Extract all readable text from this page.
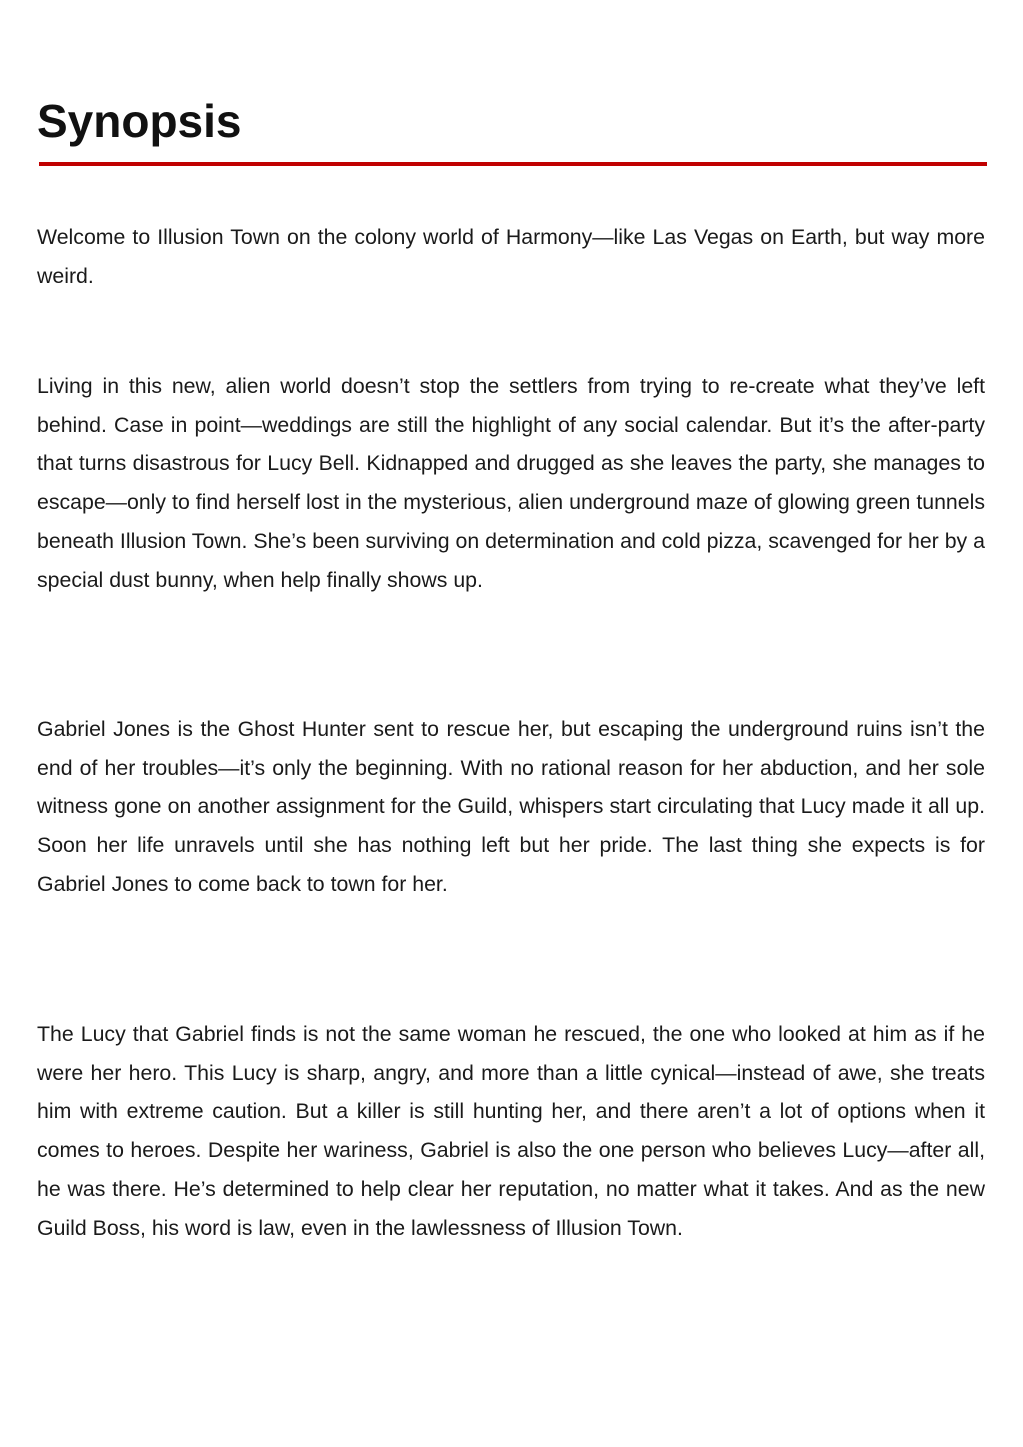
Synopsis

Welcome to Illusion Town on the colony world of Harmony—like Las Vegas on Earth, but way more weird.

Living in this new, alien world doesn’t stop the settlers from trying to re-create what they’ve left behind. Case in point—weddings are still the highlight of any social calendar. But it’s the after-party that turns disastrous for Lucy Bell. Kidnapped and drugged as she leaves the party, she manages to escape—only to find herself lost in the mysterious, alien underground maze of glowing green tunnels beneath Illusion Town. She’s been surviving on determination and cold pizza, scavenged for her by a special dust bunny, when help finally shows up.

Gabriel Jones is the Ghost Hunter sent to rescue her, but escaping the underground ruins isn’t the end of her troubles—it’s only the beginning. With no rational reason for her abduction, and her sole witness gone on another assignment for the Guild, whispers start circulating that Lucy made it all up. Soon her life unravels until she has nothing left but her pride. The last thing she expects is for Gabriel Jones to come back to town for her.

The Lucy that Gabriel finds is not the same woman he rescued, the one who looked at him as if he were her hero. This Lucy is sharp, angry, and more than a little cynical—instead of awe, she treats him with extreme caution. But a killer is still hunting her, and there aren’t a lot of options when it comes to heroes. Despite her wariness, Gabriel is also the one person who believes Lucy—after all, he was there. He’s determined to help clear her reputation, no matter what it takes. And as the new Guild Boss, his word is law, even in the lawlessness of Illusion Town.
